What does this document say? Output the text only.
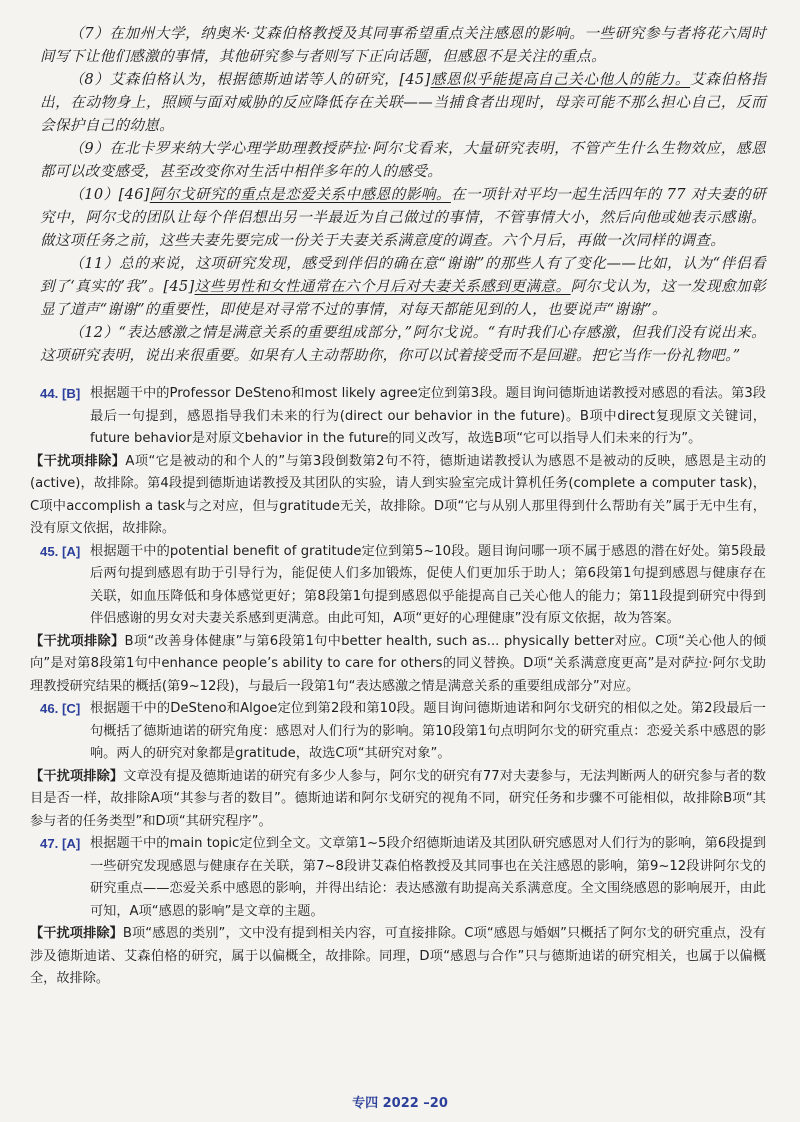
（7）在加州大学，纳奥米·艾森伯格教授及其同事希望重点关注感恩的影响。一些研究参与者将花六周时间写下让他们感激的事情，其他研究参与者则写下正向话题，但感恩不是关注的重点。

（8）艾森伯格认为，根据德斯迪诺等人的研究，[45]感恩似乎能提高自己关心他人的能力。艾森伯格指出，在动物身上，照顾与面对威胁的反应降低存在关联——当捕食者出现时，母亲可能不那么担心自己，反而会保护自己的幼崽。

（9）在北卡罗来纳大学心理学助理教授萨拉·阿尔戈看来，大量研究表明，不管产生什么生物效应，感恩都可以改变感受，甚至改变你对生活中相伴多年的人的感受。

（10）[46]阿尔戈研究的重点是恋爱关系中感恩的影响。在一项针对平均一起生活四年的 77 对夫妻的研究中，阿尔戈的团队让每个伴侣想出另一半最近为自己做过的事情，不管事情大小，然后向他或她表示感谢。做这项任务之前，这些夫妻先要完成一份关于夫妻关系满意度的调查。六个月后，再做一次同样的调查。

（11）总的来说，这项研究发现，感受到伴侣的确在意“谢谢”的那些人有了变化——比如，认为“伴侣看到了‘真实的’我”。[45]这些男性和女性通常在六个月后对夫妻关系感到更满意。阿尔戈认为，这一发现愈加彰显了道声“谢谢”的重要性，即使是对寻常不过的事情，对每天都能见到的人，也要说声“谢谢”。

（12）“表达感激之情是满意关系的重要组成部分，”阿尔戈说。“有时我们心存感激，但我们没有说出来。这项研究表明，说出来很重要。如果有人主动帮助你，你可以试着接受而不是回避。把它当作一份礼物吧。”

44. [B] 根据题干中的Professor DeSteno和most likely agree定位到第3段。题目询问德斯迪诺教授对感恩的看法。第3段最后一句提到，感恩指导我们未来的行为(direct our behavior in the future)。B项中direct复现原文关键词，future behavior是对原文behavior in the future的同义改写，故选B项“它可以指导人们未来的行为”。

【干扰项排除】A项“它是被动的和个人的”与第3段倒数第2句不符，德斯迪诺教授认为感恩不是被动的反映，感恩是主动的(active)，故排除。第4段提到德斯迪诺教授及其团队的实验，请人到实验室完成计算机任务(complete a computer task)，C项中accomplish a task与之对应，但与gratitude无关，故排除。D项“它与从别人那里得到什么帮助有关”属于无中生有，没有原文依据，故排除。

45. [A] 根据题干中的potential benefit of gratitude定位到第5~10段。题目询问哪一项不属于感恩的潜在好处。第5段最后两句提到感恩有助于引导行为，能促使人们多加锻炼，促使人们更加乐于助人；第6段第1句提到感恩与健康存在关联，如血压降低和身体感觉更好；第8段第1句提到感恩似乎能提高自己关心他人的能力；第11段提到研究中得到伴侣感谢的男女对夫妻关系感到更满意。由此可知，A项“更好的心理健康”没有原文依据，故为答案。

【干扰项排除】B项“改善身体健康”与第6段第1句中better health, such as... physically better对应。C项“关心他人的倾向”是对第8段第1句中enhance people’s ability to care for others的同义替换。D项“关系满意度更高”是对萨拉·阿尔戈助理教授研究结果的概括(第9~12段)，与最后一段第1句“表达感激之情是满意关系的重要组成部分”对应。

46. [C] 根据题干中的DeSteno和Algoe定位到第2段和第10段。题目询问德斯迪诺和阿尔戈研究的相似之处。第2段最后一句概括了德斯迪诺的研究角度：感恩对人们行为的影响。第10段第1句点明阿尔戈的研究重点：恋爱关系中感恩的影响。两人的研究对象都是gratitude，故选C项“其研究对象”。

【干扰项排除】文章没有提及德斯迪诺的研究有多少人参与，阿尔戈的研究有77对夫妻参与，无法判断两人的研究参与者的数目是否一样，故排除A项“其参与者的数目”。德斯迪诺和阿尔戈研究的视角不同，研究任务和步骤不可能相似，故排除B项“其参与者的任务类型”和D项“其研究程序”。

47. [A] 根据题干中的main topic定位到全文。文章第1~5段介绍德斯迪诺及其团队研究感恩对人们行为的影响，第6段提到一些研究发现感恩与健康存在关联，第7~8段讲艾森伯格教授及其同事也在关注感恩的影响，第9~12段讲阿尔戈的研究重点——恋爱关系中感恩的影响，并得出结论：表达感激有助提高关系满意度。全文围绕感恩的影响展开，由此可知，A项“感恩的影响”是文章的主题。

【干扰项排除】B项“感恩的类别”，文中没有提到相关内容，可直接排除。C项“感恩与婚姻”只概括了阿尔戈的研究重点，没有涉及德斯迪诺、艾森伯格的研究，属于以偏概全，故排除。同理，D项“感恩与合作”只与德斯迪诺的研究相关，也属于以偏概全，故排除。

专四 2022 –20
